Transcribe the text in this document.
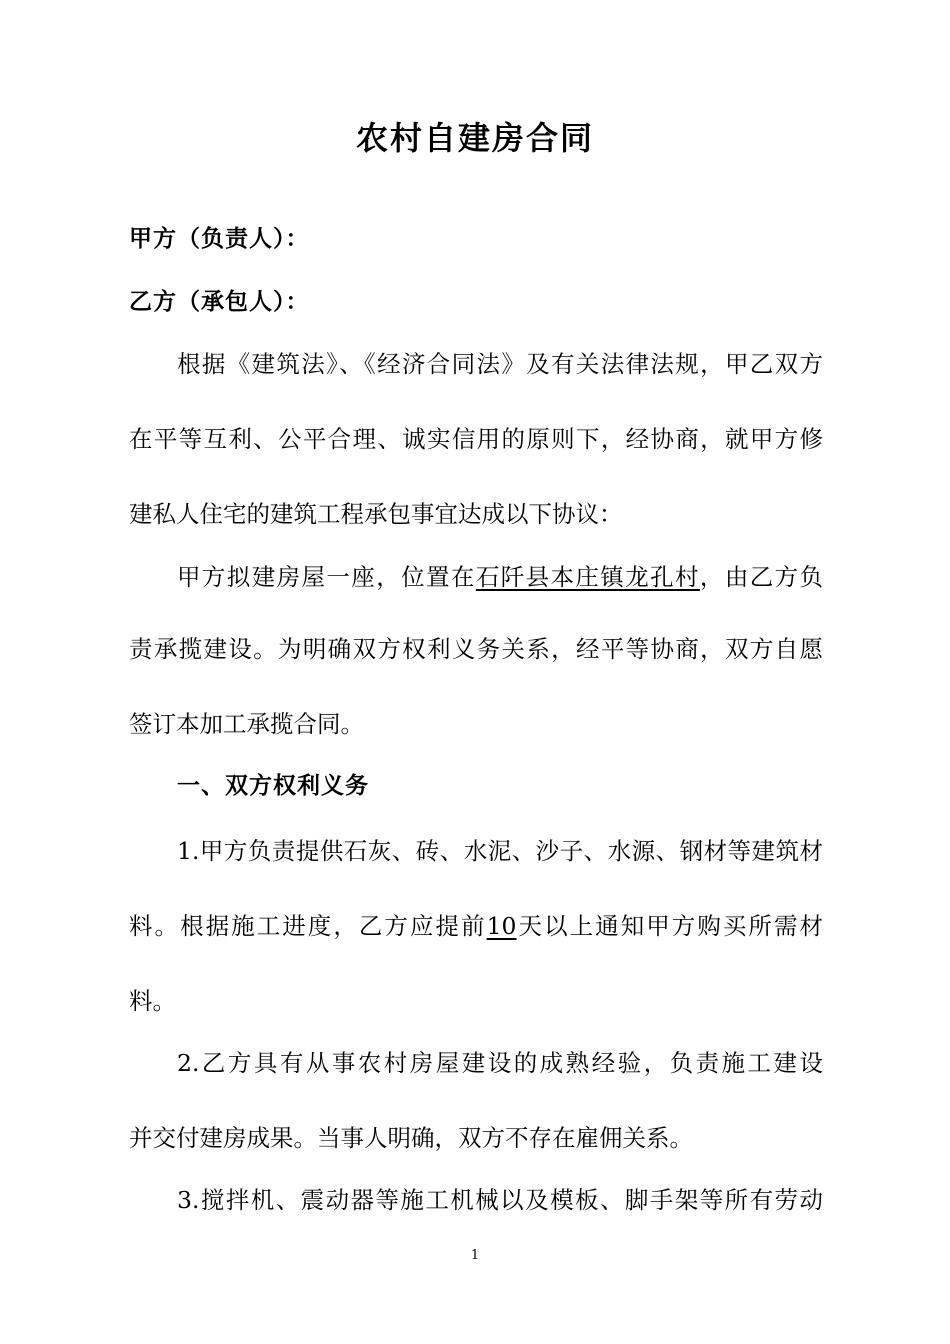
农村自建房合同
甲方（负责人）：
乙方（承包人）：
根据《建筑法》、《经济合同法》及有关法律法规，甲乙双方
在平等互利、公平合理、诚实信用的原则下，经协商，就甲方修
建私人住宅的建筑工程承包事宜达成以下协议：
甲方拟建房屋一座，位置在石阡县本庄镇龙孔村，由乙方负
责承揽建设。为明确双方权利义务关系，经平等协商，双方自愿
签订本加工承揽合同。
一、双方权利义务
1.甲方负责提供石灰、砖、水泥、沙子、水源、钢材等建筑材
料。根据施工进度，乙方应提前10天以上通知甲方购买所需材
料。
2.乙方具有从事农村房屋建设的成熟经验，负责施工建设
并交付建房成果。当事人明确，双方不存在雇佣关系。
3.搅拌机、震动器等施工机械以及模板、脚手架等所有劳动
1
